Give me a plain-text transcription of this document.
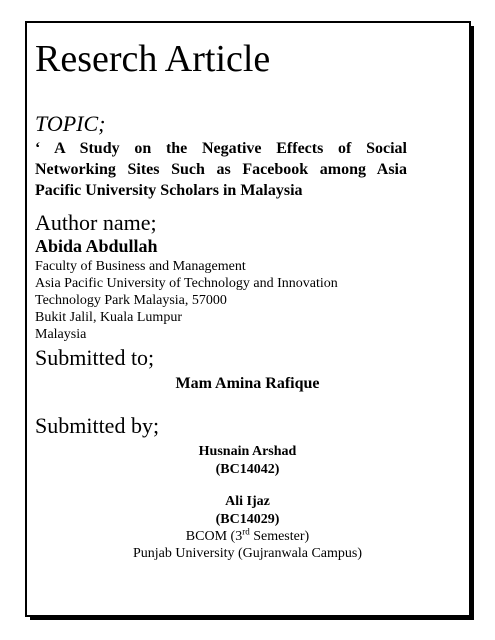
Reserch Article
TOPIC;
‘ A Study on the Negative Effects of Social
Networking Sites Such as Facebook among Asia
Pacific University Scholars in Malaysia
Author name;
Abida Abdullah
Faculty of Business and Management
Asia Pacific University of Technology and Innovation
Technology Park Malaysia, 57000
Bukit Jalil, Kuala Lumpur
Malaysia
Submitted to;
Mam Amina Rafique
Submitted by;
Husnain Arshad
(BC14042)
Ali Ijaz
(BC14029)
BCOM (3rd Semester)
Punjab University (Gujranwala Campus)
